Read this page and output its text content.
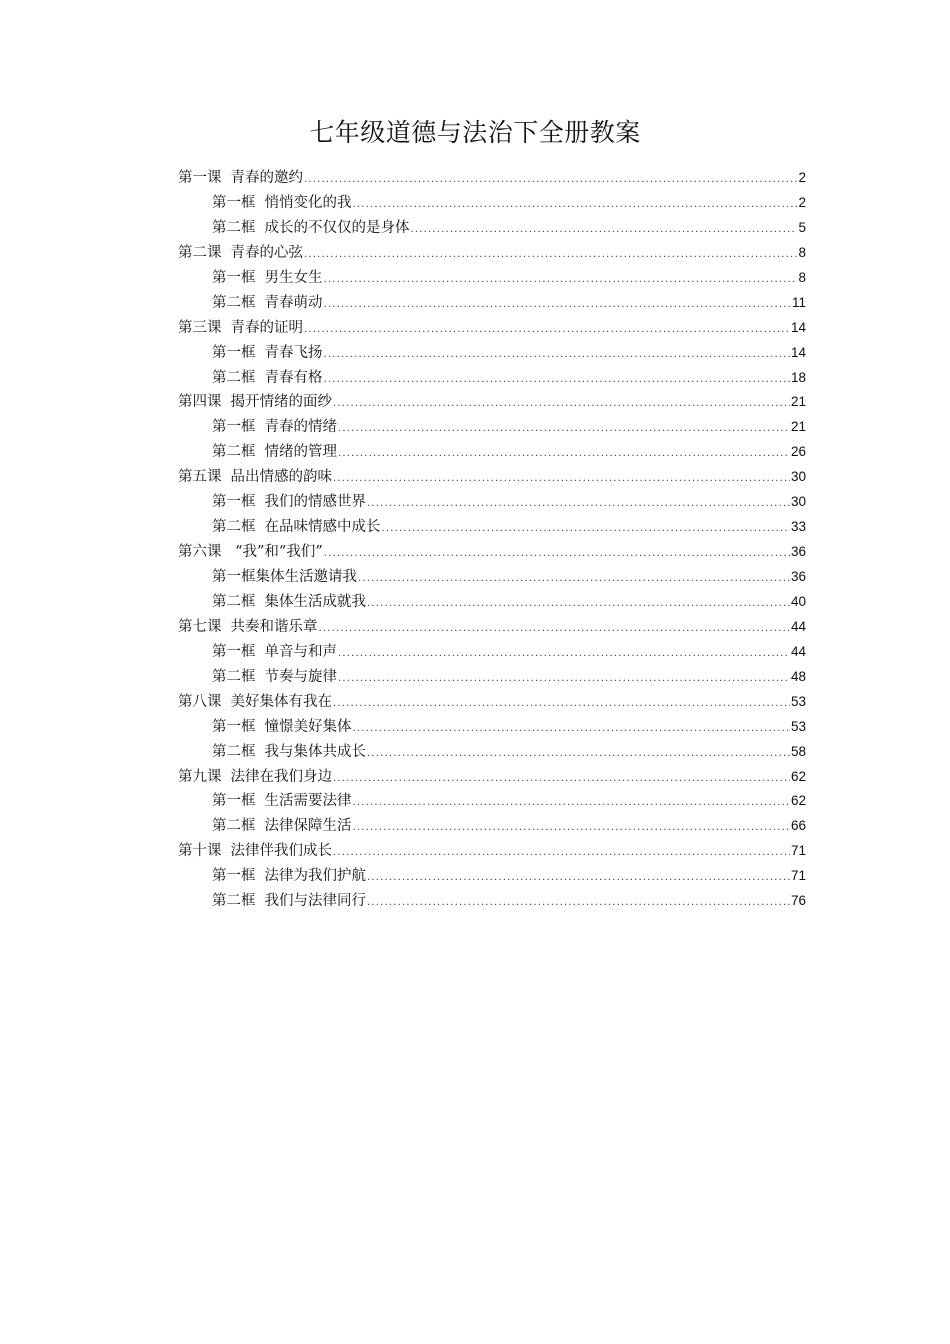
七年级道德与法治下全册教案
第一课 青春的邀约 .....	2
第一框 悄悄变化的我 .....	2
第二框 成长的不仅仅的是身体 .....	5
第二课 青春的心弦 .....	8
第一框 男生女生 .....	8
第二框 青春萌动 .....	11
第三课 青春的证明 .....	14
第一框 青春飞扬 .....	14
第二框 青春有格 .....	18
第四课 揭开情绪的面纱 .....	21
第一框 青春的情绪 .....	21
第二框 情绪的管理 .....	26
第五课 品出情感的韵味 .....	30
第一框 我们的情感世界 .....	30
第二框 在品味情感中成长 .....	33
第六课 “我”和“我们” .....	36
第一框集体生活邀请我 .....	36
第二框 集体生活成就我 .....	40
第七课 共奏和谐乐章 .....	44
第一框 单音与和声 .....	44
第二框 节奏与旋律 .....	48
第八课 美好集体有我在 .....	53
第一框 憧憬美好集体 .....	53
第二框 我与集体共成长 .....	58
第九课 法律在我们身边 .....	62
第一框 生活需要法律 .....	62
第二框 法律保障生活 .....	66
第十课 法律伴我们成长 .....	71
第一框 法律为我们护航 .....	71
第二框 我们与法律同行 .....	76
